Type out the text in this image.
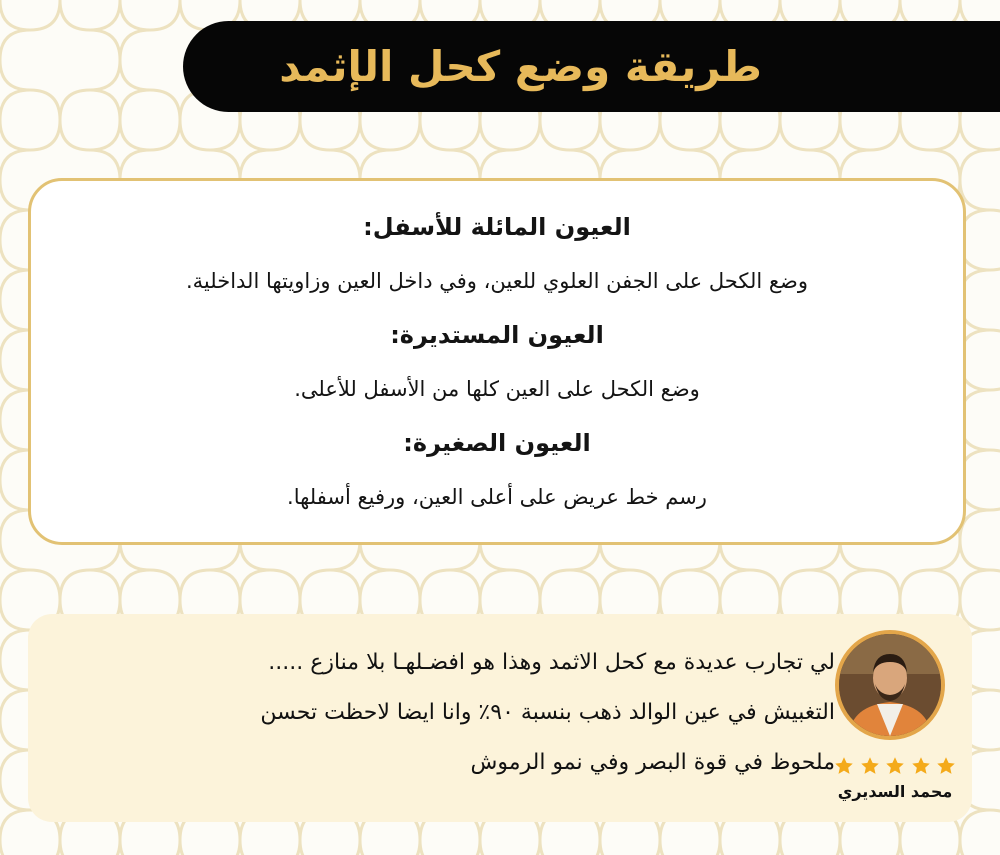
طريقة وضع كحل الإثمد
العيون المائلة للأسفل:
وضع الكحل على الجفن العلوي للعين، وفي داخل العين وزاويتها الداخلية.
العيون المستديرة:
وضع الكحل على العين كلها من الأسفل للأعلى.
العيون الصغيرة:
رسم خط عريض على أعلى العين، ورفيع أسفلها.
لي تجارب عديدة مع كحل الاثمد وهذا هو افضـلهـا بلا منازع .....
التغبيش في عين الوالد ذهب بنسبة ٩٠٪ وانا ايضا لاحظت تحسن
ملحوظ في قوة البصر وفي نمو الرموش
محمد السديري
